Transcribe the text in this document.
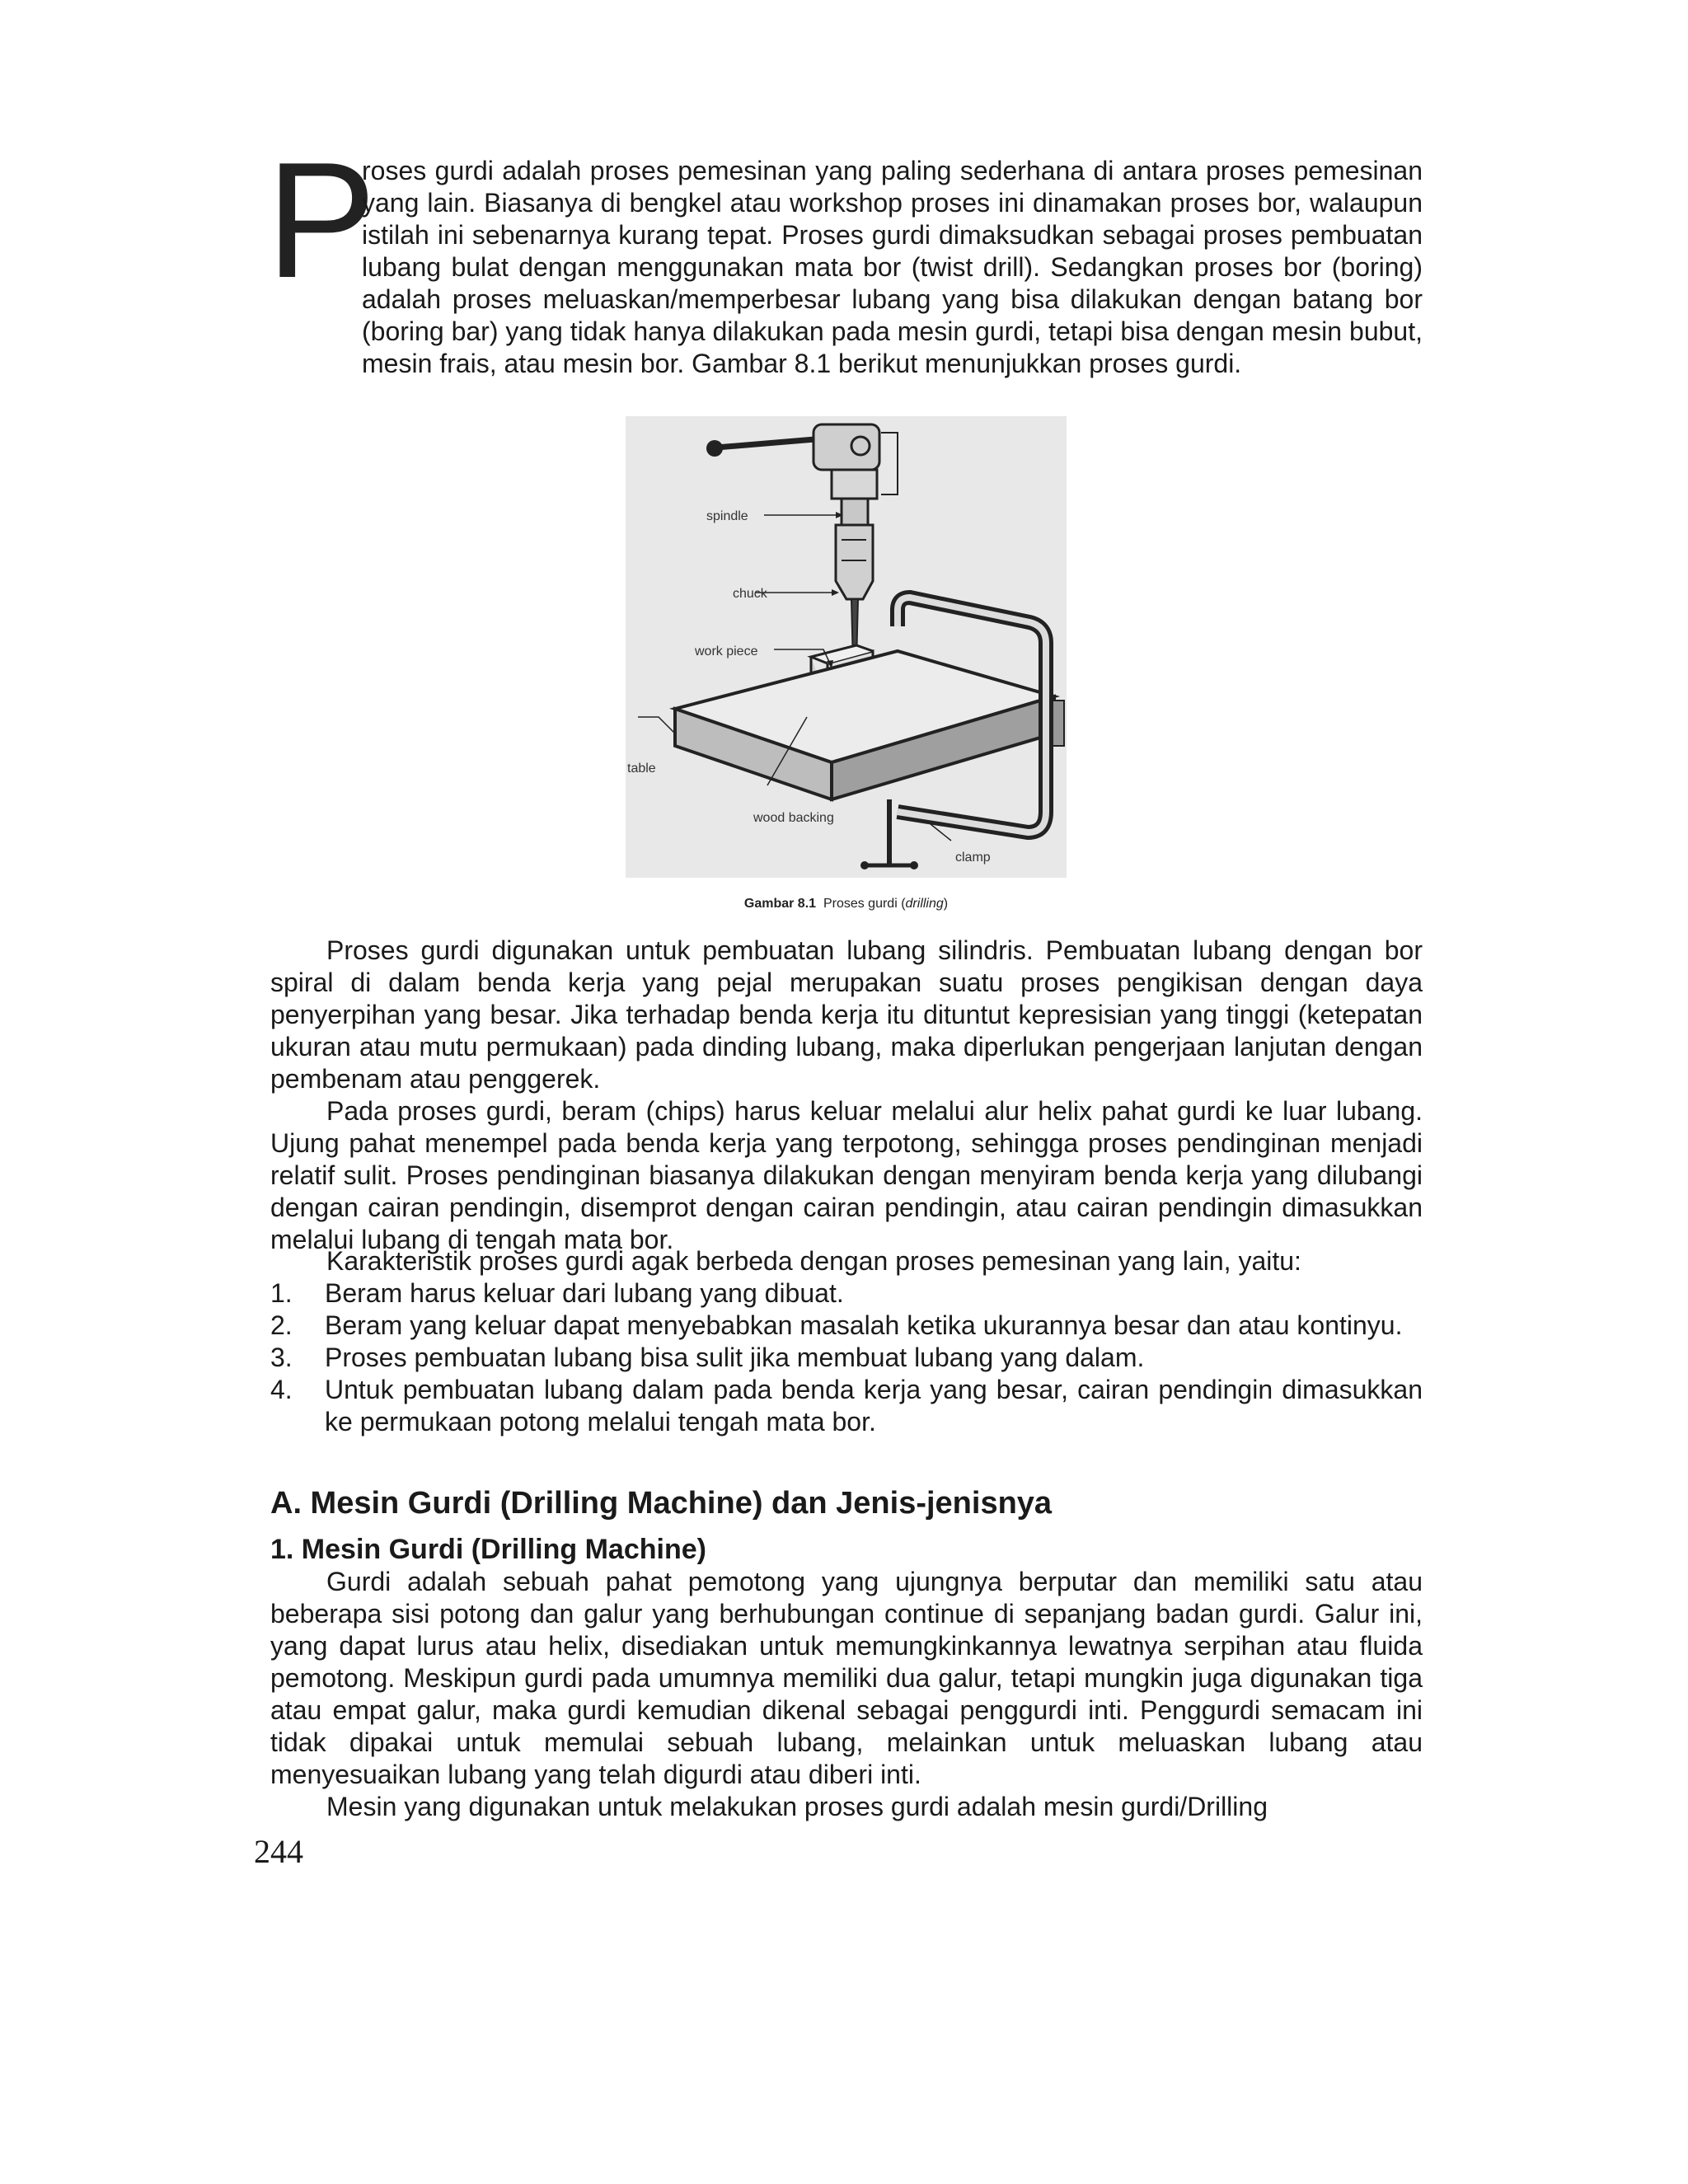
P
roses gurdi adalah proses pemesinan yang paling sederhana di antara proses pemesinan yang lain. Biasanya di bengkel atau workshop proses ini dinamakan proses bor, walaupun istilah ini sebenarnya kurang tepat. Proses gurdi dimaksudkan sebagai proses pembuatan lubang bulat dengan menggunakan mata bor (twist drill). Sedangkan proses bor (boring) adalah proses meluaskan/memperbesar lubang yang bisa dilakukan dengan batang bor (boring bar) yang tidak hanya dilakukan pada mesin gurdi, tetapi bisa dengan mesin bubut, mesin frais, atau mesin bor. Gambar 8.1 berikut menunjukkan proses gurdi.
spindle
chuck
work piece
table
wood backing
clamp
Gambar 8.1 Proses gurdi (drilling)
Proses gurdi digunakan untuk pembuatan lubang silindris. Pembuatan lubang dengan bor spiral di dalam benda kerja yang pejal merupakan suatu proses pengikisan dengan daya penyerpihan yang besar. Jika terhadap benda kerja itu dituntut kepresisian yang tinggi (ketepatan ukuran atau mutu permukaan) pada dinding lubang, maka diperlukan pengerjaan lanjutan dengan pembenam atau penggerek.
Pada proses gurdi, beram (chips) harus keluar melalui alur helix pahat gurdi ke luar lubang. Ujung pahat menempel pada benda kerja yang terpotong, sehingga proses pendinginan menjadi relatif sulit. Proses pendinginan biasanya dilakukan dengan menyiram benda kerja yang dilubangi dengan cairan pendingin, disemprot dengan cairan pendingin, atau cairan pendingin dimasukkan melalui lubang di tengah mata bor.
Karakteristik proses gurdi agak berbeda dengan proses pemesinan yang lain, yaitu:
1.	Beram harus keluar dari lubang yang dibuat.
2.	Beram yang keluar dapat menyebabkan masalah ketika ukurannya besar dan atau kontinyu.
3.	Proses pembuatan lubang bisa sulit jika membuat lubang yang dalam.
4.	Untuk pembuatan lubang dalam pada benda kerja yang besar, cairan pendingin dimasukkan ke permukaan potong melalui tengah mata bor.
A. Mesin Gurdi (Drilling Machine) dan Jenis-jenisnya
1. Mesin Gurdi (Drilling Machine)
Gurdi adalah sebuah pahat pemotong yang ujungnya berputar dan memiliki satu atau beberapa sisi potong dan galur yang berhubungan continue di sepanjang badan gurdi. Galur ini, yang dapat lurus atau helix, disediakan untuk memungkinkannya lewatnya serpihan atau fluida pemotong. Meskipun gurdi pada umumnya memiliki dua galur, tetapi mungkin juga digunakan tiga atau empat galur, maka gurdi kemudian dikenal sebagai penggurdi inti. Penggurdi semacam ini tidak dipakai untuk memulai sebuah lubang, melainkan untuk meluaskan lubang atau menyesuaikan lubang yang telah digurdi atau diberi inti.
Mesin yang digunakan untuk melakukan proses gurdi adalah mesin gurdi/Drilling
244
